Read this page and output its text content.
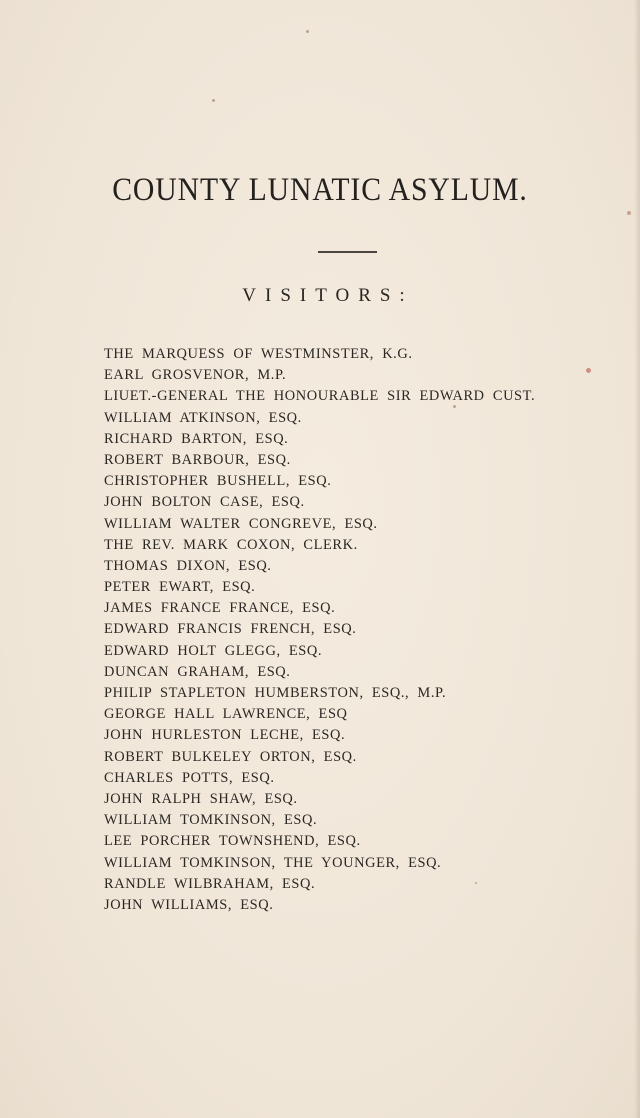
COUNTY LUNATIC ASYLUM.
VISITORS:
THE MARQUESS OF WESTMINSTER, K.G.
EARL GROSVENOR, M.P.
LIUET.-GENERAL THE HONOURABLE SIR EDWARD CUST.
WILLIAM ATKINSON, ESQ.
RICHARD BARTON, ESQ.
ROBERT BARBOUR, ESQ.
CHRISTOPHER BUSHELL, ESQ.
JOHN BOLTON CASE, ESQ.
WILLIAM WALTER CONGREVE, ESQ.
THE REV. MARK COXON, CLERK.
THOMAS DIXON, ESQ.
PETER EWART, ESQ.
JAMES FRANCE FRANCE, ESQ.
EDWARD FRANCIS FRENCH, ESQ.
EDWARD HOLT GLEGG, ESQ.
DUNCAN GRAHAM, ESQ.
PHILIP STAPLETON HUMBERSTON, ESQ., M.P.
GEORGE HALL LAWRENCE, ESQ
JOHN HURLESTON LECHE, ESQ.
ROBERT BULKELEY ORTON, ESQ.
CHARLES POTTS, ESQ.
JOHN RALPH SHAW, ESQ.
WILLIAM TOMKINSON, ESQ.
LEE PORCHER TOWNSHEND, ESQ.
WILLIAM TOMKINSON, THE YOUNGER, ESQ.
RANDLE WILBRAHAM, ESQ.
JOHN WILLIAMS, ESQ.
